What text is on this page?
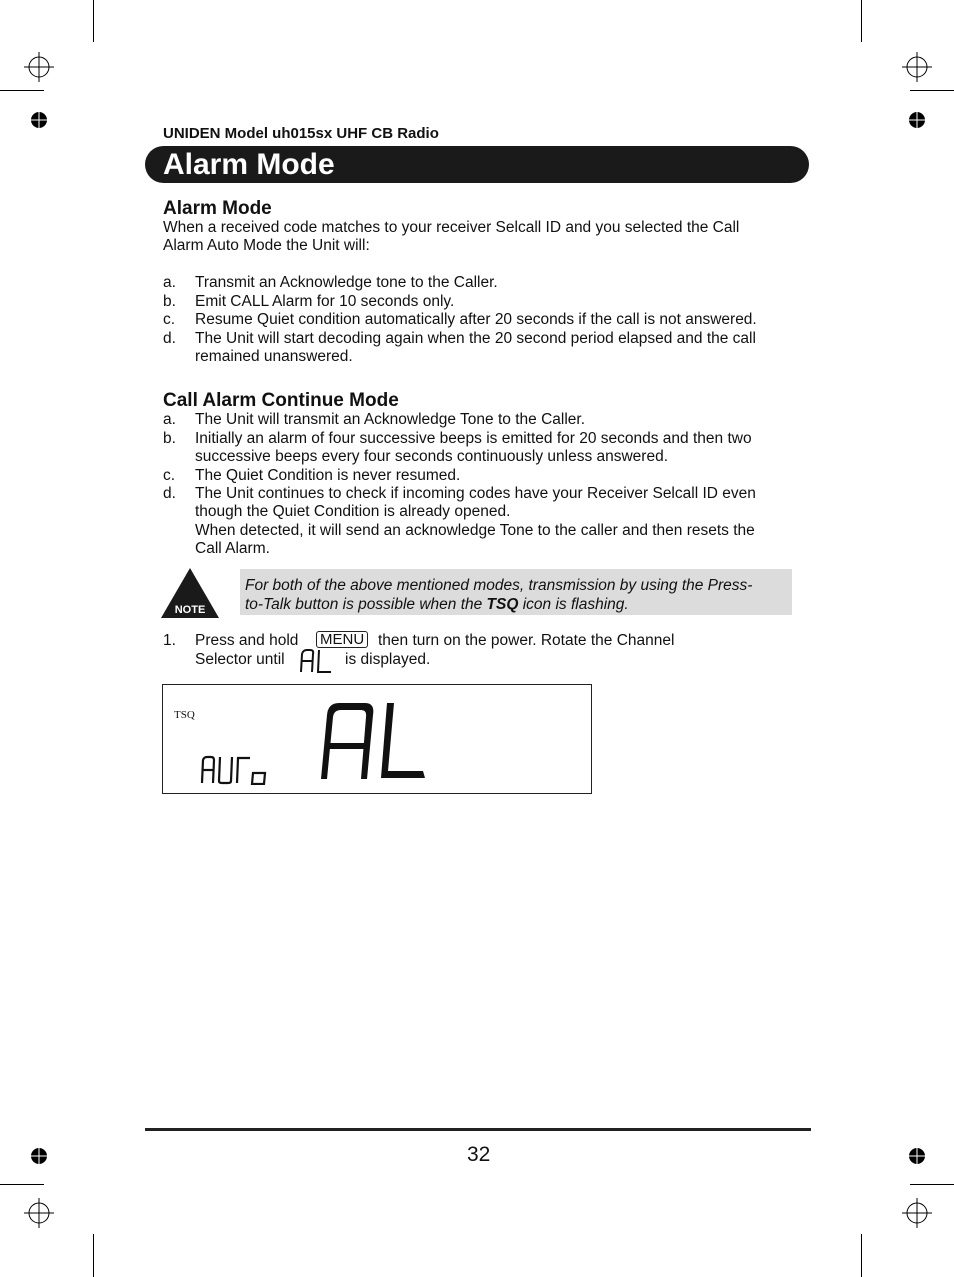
UNIDEN Model uh015sx UHF CB Radio
Alarm Mode
Alarm Mode
When a received code matches to your receiver Selcall ID and you selected the Call
Alarm Auto Mode the Unit will:
a.	Transmit an Acknowledge tone to the Caller.
b.	Emit CALL Alarm for 10 seconds only.
c.	Resume Quiet condition automatically after 20 seconds if the call is not answered.
d.	The Unit will start decoding again when the 20 second period elapsed and the call
remained unanswered.
Call Alarm Continue Mode
a.	The Unit will transmit an Acknowledge Tone to the Caller.
b.	Initially an alarm of four successive beeps is emitted for 20 seconds and then two
successive beeps every four seconds continuously unless answered.
c.	The Quiet Condition is never resumed.
d.	The Unit continues to check if incoming codes have your Receiver Selcall ID even
though the Quiet Condition is already opened.
When detected, it will send an acknowledge Tone to the caller and then resets the
Call Alarm.
NOTE
For both of the above mentioned modes, transmission by using the Press-
to-Talk button is possible when the TSQ icon is flashing.
1. Press and hold MENU then turn on the power. Rotate the Channel
Selector until	is displayed.
TSQ
32
